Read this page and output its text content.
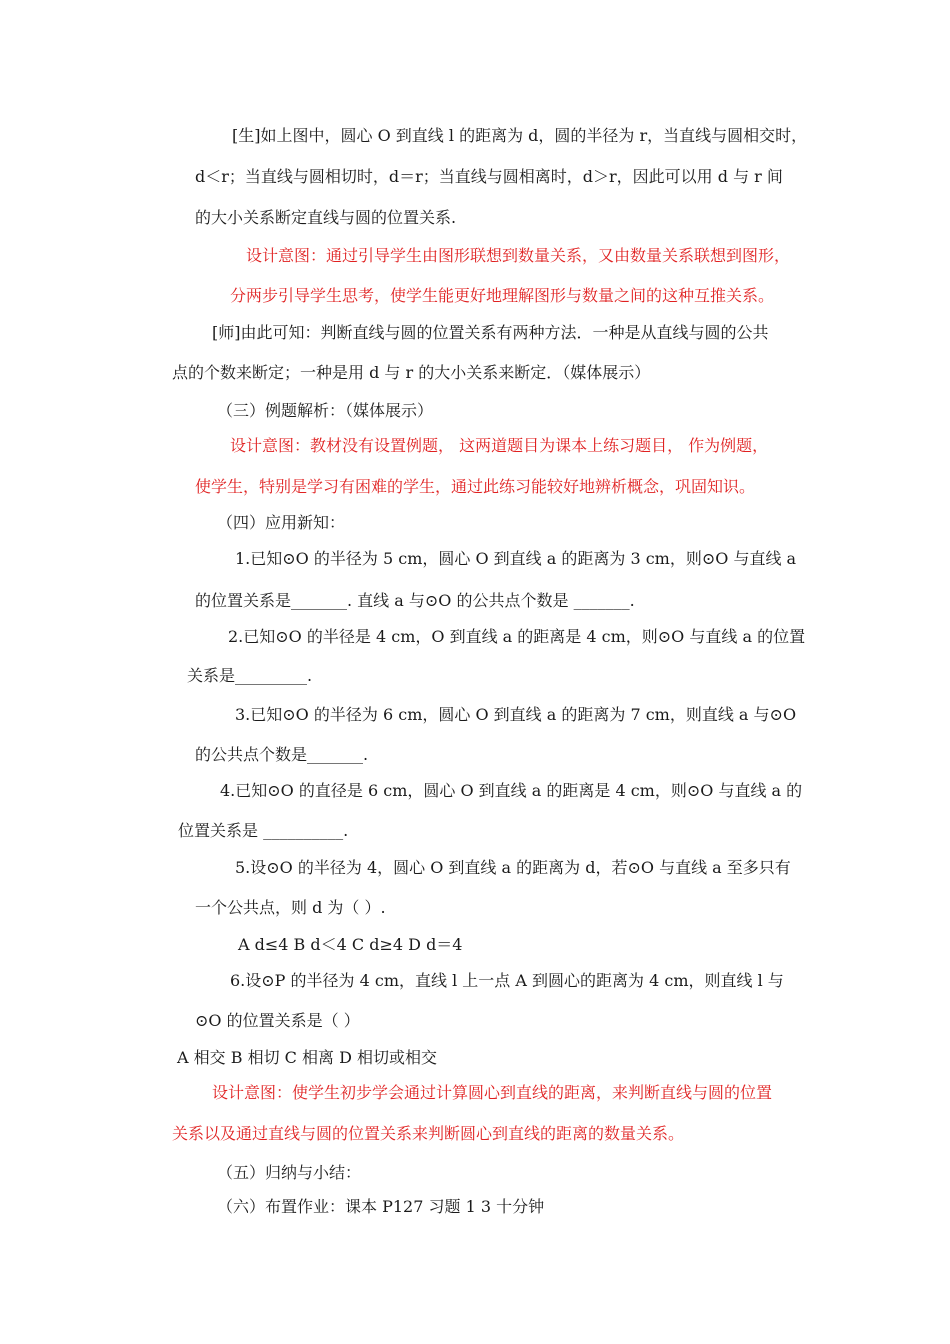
[生]如上图中，圆心 O 到直线 l 的距离为 d，圆的半径为 r，当直线与圆相交时，
d＜r；当直线与圆相切时，d＝r；当直线与圆相离时，d＞r，因此可以用 d 与 r 间
的大小关系断定直线与圆的位置关系.
设计意图：通过引导学生由图形联想到数量关系，又由数量关系联想到图形，
分两步引导学生思考，使学生能更好地理解图形与数量之间的这种互推关系。
[师]由此可知：判断直线与圆的位置关系有两种方法．一种是从直线与圆的公共
点的个数来断定；一种是用 d 与 r 的大小关系来断定．（媒体展示）
（三）例题解析：（媒体展示）
设计意图：教材没有设置例题， 这两道题目为课本上练习题目， 作为例题，
使学生，特别是学习有困难的学生，通过此练习能较好地辨析概念，巩固知识。
（四）应用新知：
1.已知⊙O 的半径为 5 cm，圆心 O 到直线 a 的距离为 3 cm，则⊙O 与直线 a
的位置关系是_______. 直线 a 与⊙O 的公共点个数是 _______.
2.已知⊙O 的半径是 4 cm，O 到直线 a 的距离是 4 cm，则⊙O 与直线 a 的位置
关系是_________.
3.已知⊙O 的半径为 6 cm，圆心 O 到直线 a 的距离为 7 cm，则直线 a 与⊙O
的公共点个数是_______.
4.已知⊙O 的直径是 6 cm，圆心 O 到直线 a 的距离是 4 cm，则⊙O 与直线 a 的
位置关系是 __________.
5.设⊙O 的半径为 4，圆心 O 到直线 a 的距离为 d，若⊙O 与直线 a 至多只有
一个公共点，则 d 为（ ）.
A d≤4 B d＜4 C d≥4 D d＝4
6.设⊙P 的半径为 4 cm，直线 l 上一点 A 到圆心的距离为 4 cm，则直线 l 与
⊙O 的位置关系是（ ）
A 相交 B 相切 C 相离 D 相切或相交
设计意图：使学生初步学会通过计算圆心到直线的距离，来判断直线与圆的位置
关系以及通过直线与圆的位置关系来判断圆心到直线的距离的数量关系。
（五）归纳与小结：
（六）布置作业：课本 P127 习题 1 3 十分钟
